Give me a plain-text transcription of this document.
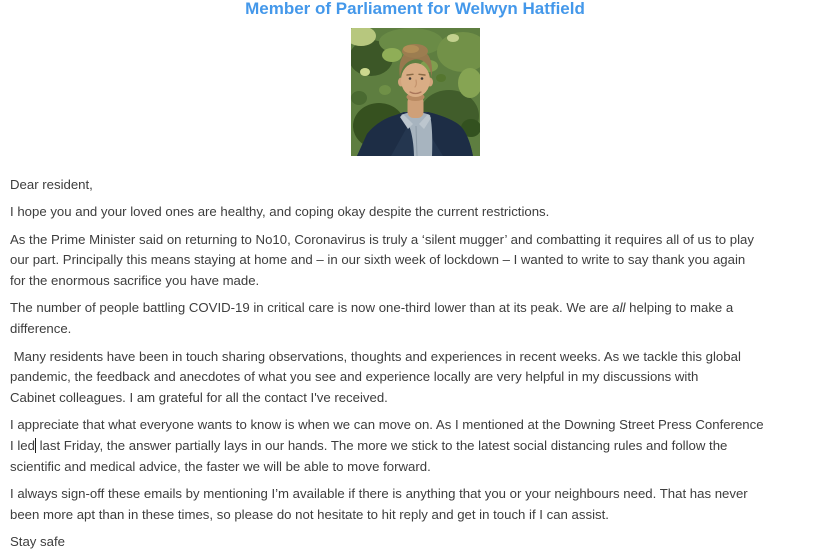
Member of Parliament for Welwyn Hatfield
Dear resident,
I hope you and your loved ones are healthy, and coping okay despite the current restrictions.
As the Prime Minister said on returning to No10, Coronavirus is truly a ‘silent mugger’ and combatting it requires all of us to play
our part. Principally this means staying at home and – in our sixth week of lockdown – I wanted to write to say thank you again
for the enormous sacrifice you have made.
The number of people battling COVID-19 in critical care is now one-third lower than at its peak. We are all helping to make a
difference.
Many residents have been in touch sharing observations, thoughts and experiences in recent weeks. As we tackle this global
pandemic, the feedback and anecdotes of what you see and experience locally are very helpful in my discussions with
Cabinet colleagues. I am grateful for all the contact I've received.
I appreciate that what everyone wants to know is when we can move on. As I mentioned at the Downing Street Press Conference
I led last Friday, the answer partially lays in our hands. The more we stick to the latest social distancing rules and follow the
scientific and medical advice, the faster we will be able to move forward.
I always sign-off these emails by mentioning I’m available if there is anything that you or your neighbours need. That has never
been more apt than in these times, so please do not hesitate to hit reply and get in touch if I can assist.
Stay safe
